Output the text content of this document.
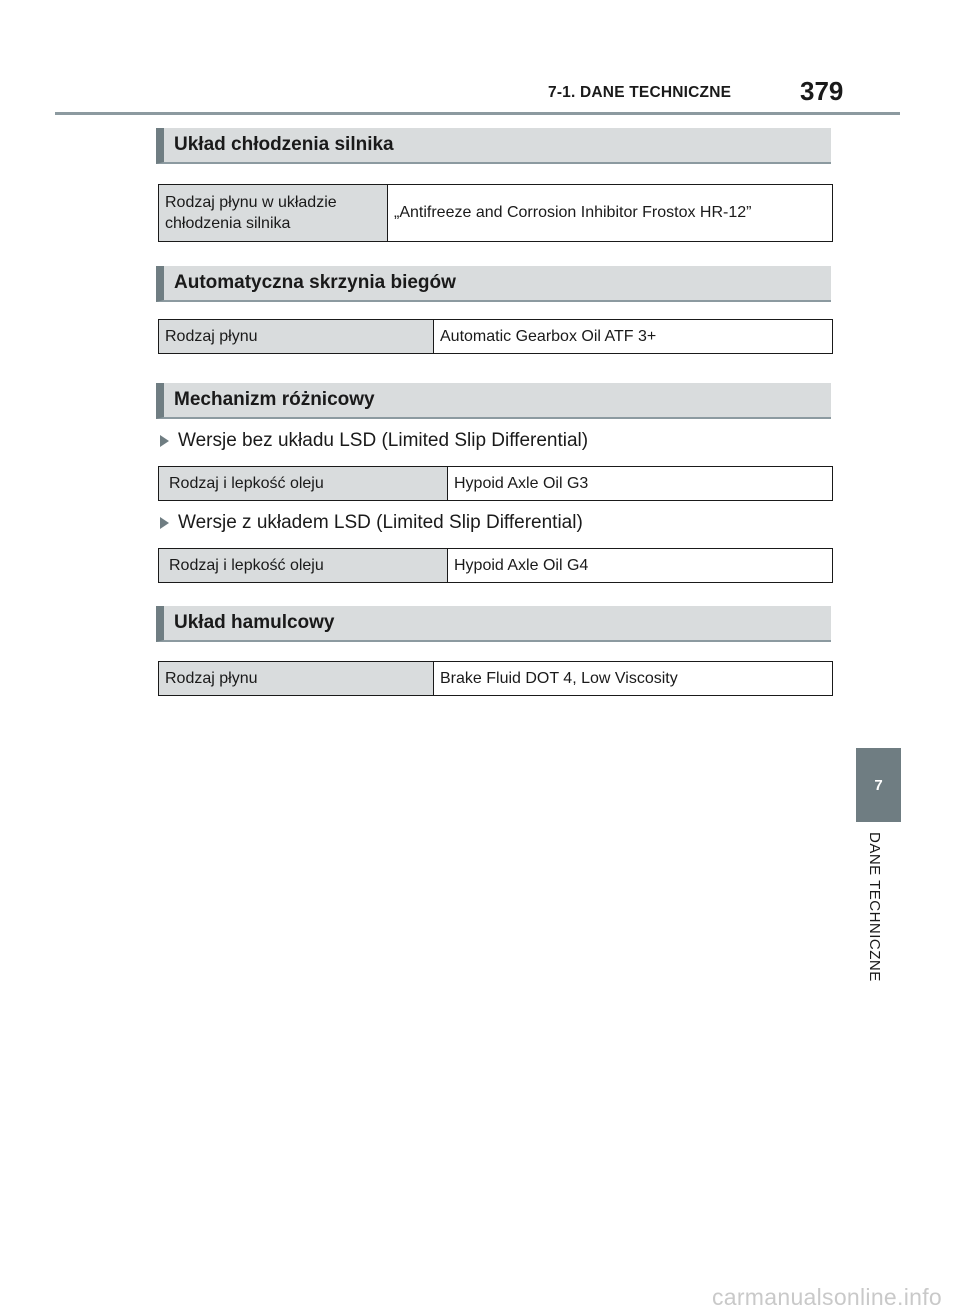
7-1. DANE TECHNICZNE	379
Układ chłodzenia silnika
Rodzaj płynu w układzie chłodzenia silnika	„Antifreeze and Corrosion Inhibitor Frostox HR-12”
Automatyczna skrzynia biegów
Rodzaj płynu	Automatic Gearbox Oil ATF 3+
Mechanizm różnicowy
Wersje bez układu LSD (Limited Slip Differential)
Rodzaj i lepkość oleju	Hypoid Axle Oil G3
Wersje z układem LSD (Limited Slip Differential)
Rodzaj i lepkość oleju	Hypoid Axle Oil G4
Układ hamulcowy
Rodzaj płynu	Brake Fluid DOT 4, Low Viscosity
7
DANE TECHNICZNE
carmanualsonline.info
